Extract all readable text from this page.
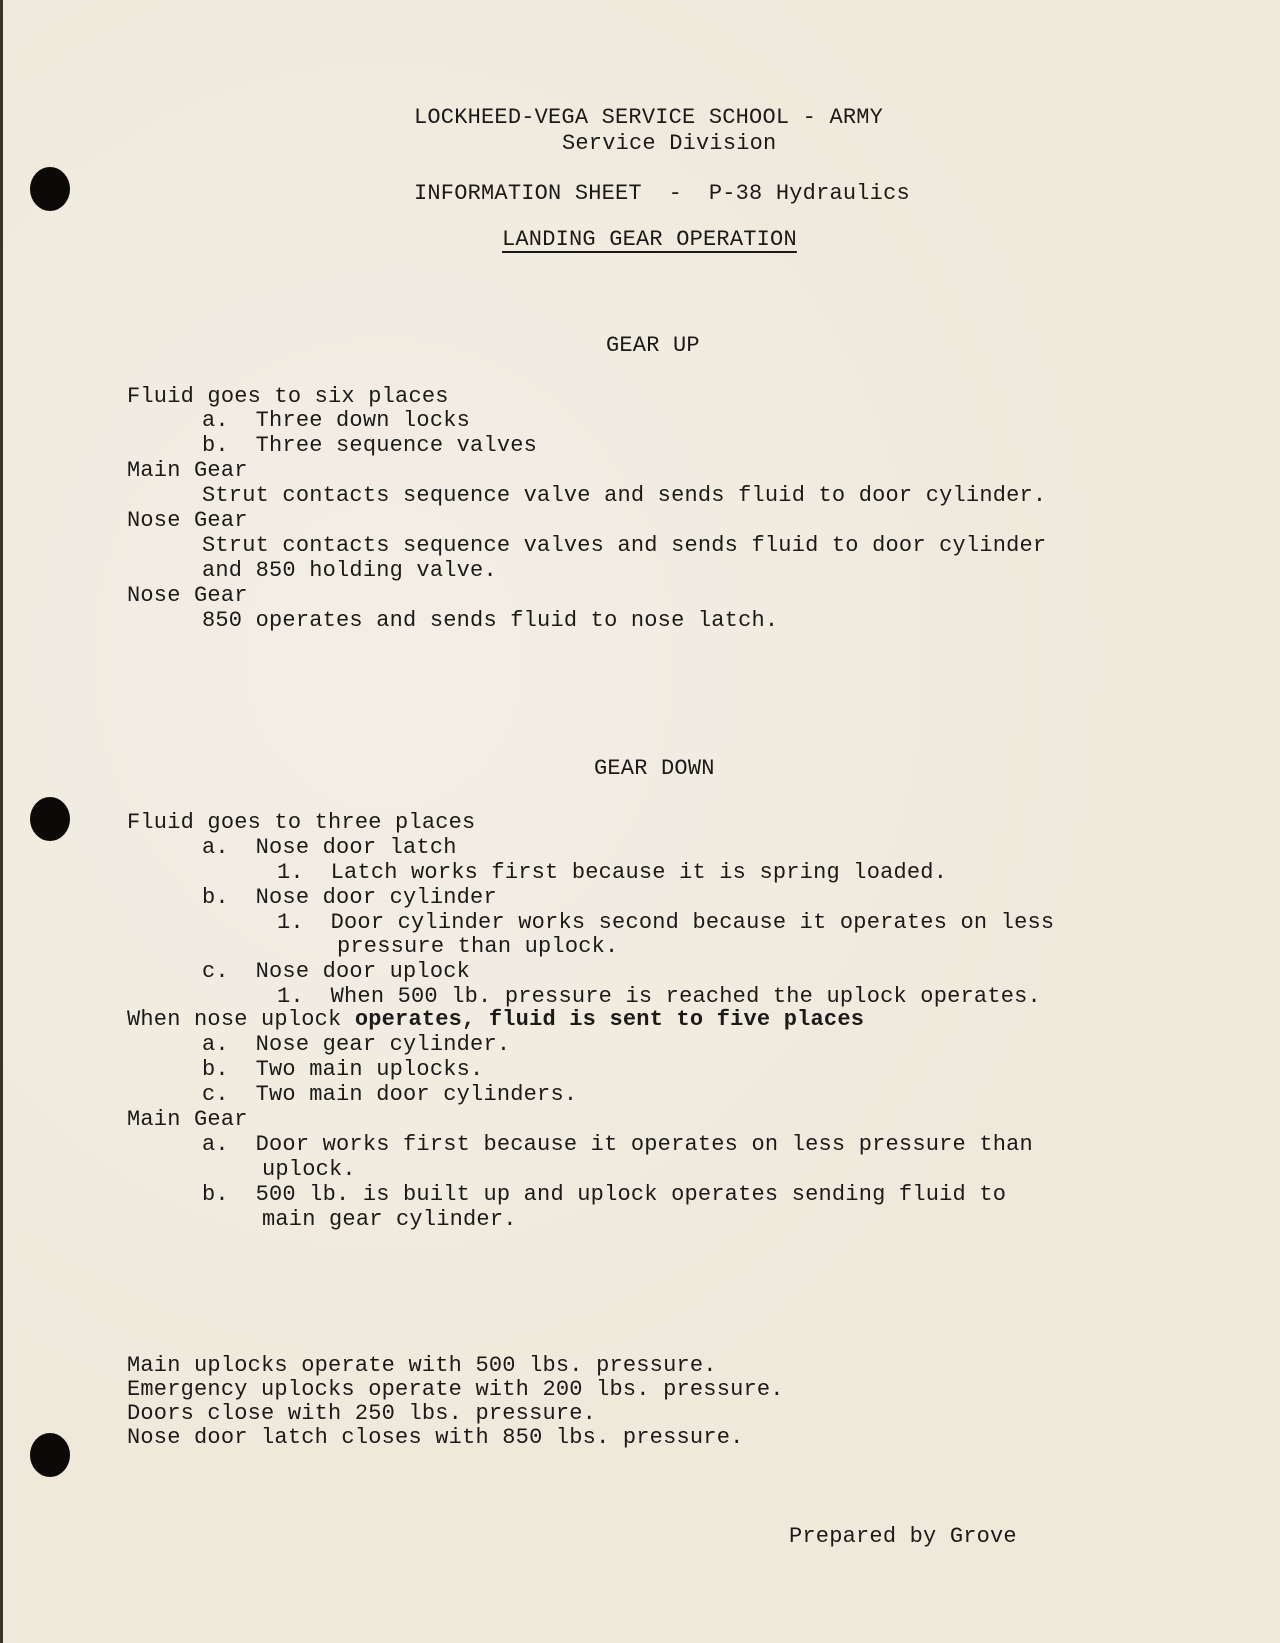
LOCKHEED-VEGA SERVICE SCHOOL - ARMY
Service Division
INFORMATION SHEET  -  P-38 Hydraulics
LANDING GEAR OPERATION
GEAR UP
Fluid goes to six places
a.  Three down locks
b.  Three sequence valves
Main Gear
Strut contacts sequence valve and sends fluid to door cylinder.
Nose Gear
Strut contacts sequence valves and sends fluid to door cylinder
and 850 holding valve.
Nose Gear
850 operates and sends fluid to nose latch.
GEAR DOWN
Fluid goes to three places
a.  Nose door latch
1.  Latch works first because it is spring loaded.
b.  Nose door cylinder
1.  Door cylinder works second because it operates on less
pressure than uplock.
c.  Nose door uplock
1.  When 500 lb. pressure is reached the uplock operates.
When nose uplock operates, fluid is sent to five places
a.  Nose gear cylinder.
b.  Two main uplocks.
c.  Two main door cylinders.
Main Gear
a.  Door works first because it operates on less pressure than
uplock.
b.  500 lb. is built up and uplock operates sending fluid to
main gear cylinder.
Main uplocks operate with 500 lbs. pressure.
Emergency uplocks operate with 200 lbs. pressure.
Doors close with 250 lbs. pressure.
Nose door latch closes with 850 lbs. pressure.
Prepared by Grove
